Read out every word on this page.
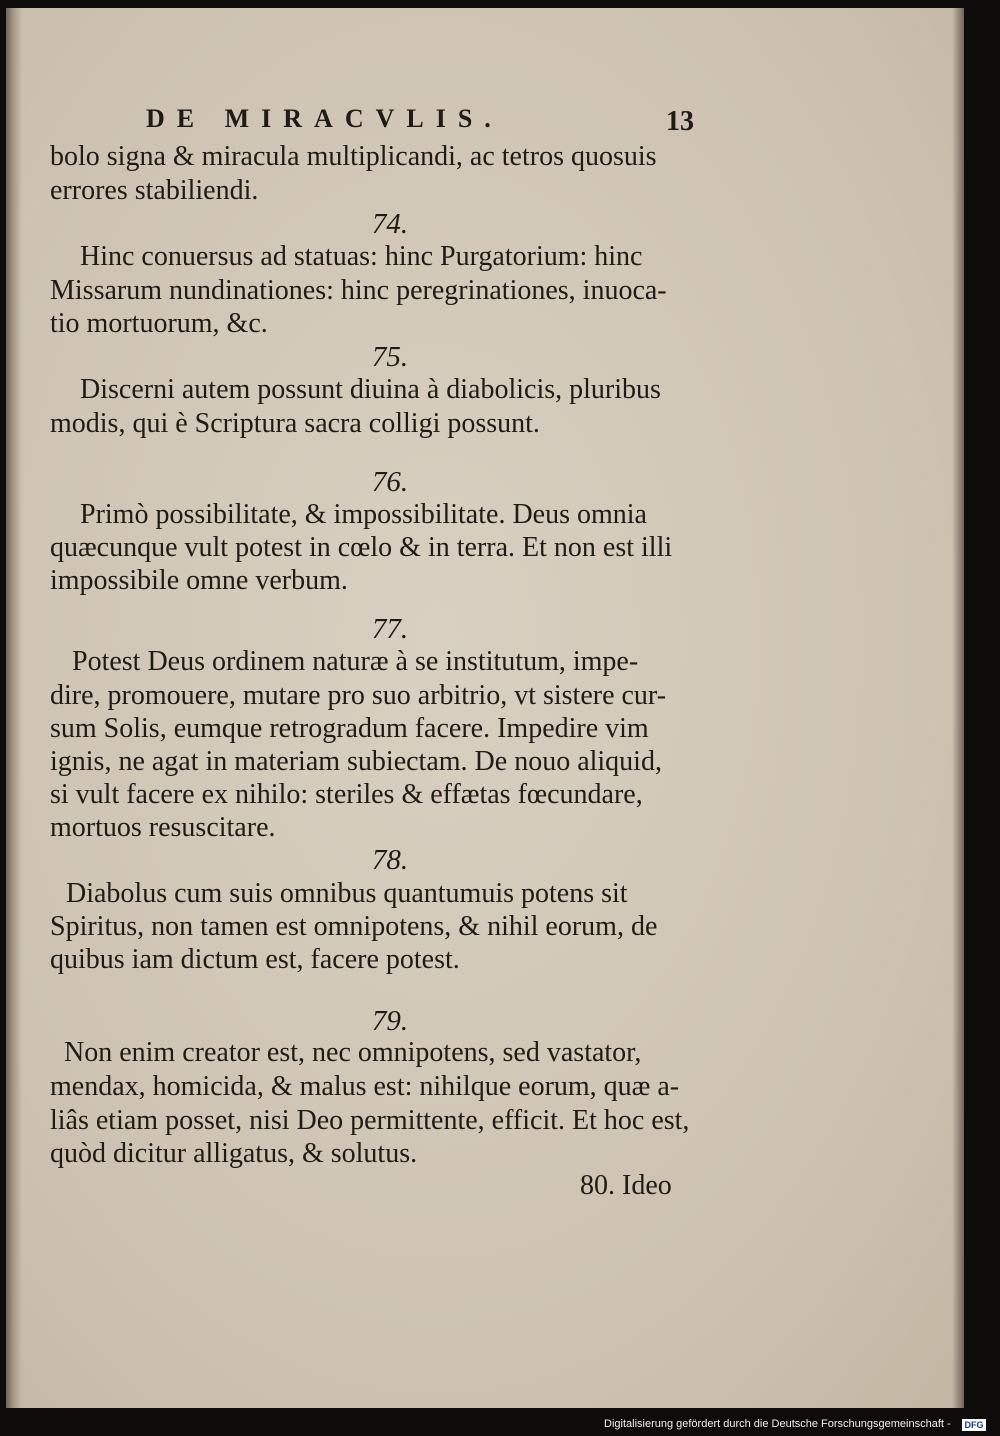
DE MIRACVLIS.	13
bolo signa & miracula multiplicandi, ac tetros quosuis
errores stabiliendi.
74.
Hinc conuersus ad statuas: hinc Purgatorium: hinc
Missarum nundinationes: hinc peregrinationes, inuoca-
tio mortuorum, &c.
75.
Discerni autem possunt diuina à diabolicis, pluribus
modis, qui è Scriptura sacra colligi possunt.
76.
Primò possibilitate, & impossibilitate. Deus omnia
quæcunque vult potest in cœlo & in terra. Et non est illi
impossibile omne verbum.
77.
Potest Deus ordinem naturæ à se institutum, impe-
dire, promouere, mutare pro suo arbitrio, vt sistere cur-
sum Solis, eumque retrogradum facere. Impedire vim
ignis, ne agat in materiam subiectam. De nouo aliquid,
si vult facere ex nihilo: steriles & effætas fœcundare,
mortuos resuscitare.
78.
Diabolus cum suis omnibus quantumuis potens sit
Spiritus, non tamen est omnipotens, & nihil eorum, de
quibus iam dictum est, facere potest.
79.
Non enim creator est, nec omnipotens, sed vastator,
mendax, homicida, & malus est: nihilque eorum, quæ a-
liâs etiam posset, nisi Deo permittente, efficit. Et hoc est,
quòd dicitur alligatus, & solutus.
80. Ideo
Digitalisierung gefördert durch die Deutsche Forschungsgemeinschaft - DFG
